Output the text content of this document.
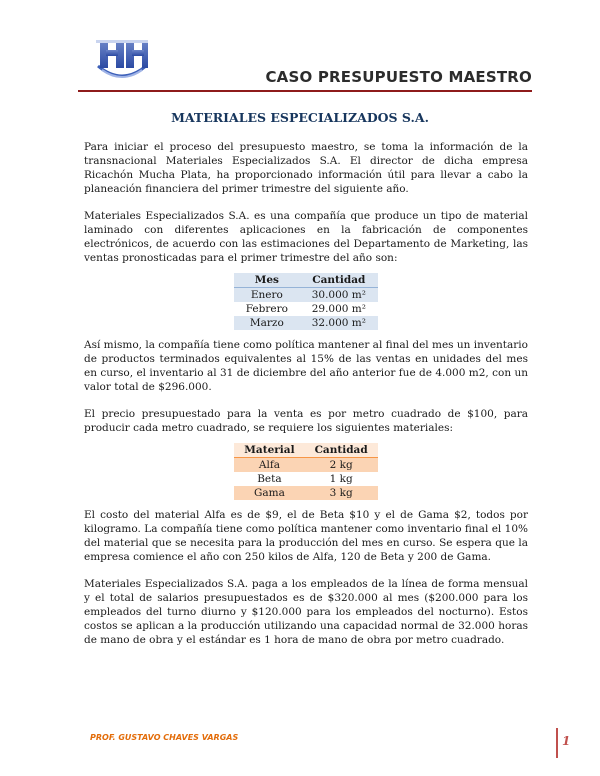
CASO PRESUPUESTO MAESTRO
MATERIALES ESPECIALIZADOS S.A.

Para iniciar el proceso del presupuesto maestro, se toma la información de la transnacional Materiales Especializados S.A. El director de dicha empresa Ricachón Mucha Plata, ha proporcionado información útil para llevar a cabo la planeación financiera del primer trimestre del siguiente año.

Materiales Especializados S.A. es una compañía que produce un tipo de material laminado con diferentes aplicaciones en la fabricación de componentes electrónicos, de acuerdo con las estimaciones del Departamento de Marketing, las ventas pronosticadas para el primer trimestre del año son:

Mes	Cantidad
Enero	30.000 m²
Febrero	29.000 m²
Marzo	32.000 m²

Así mismo, la compañía tiene como política mantener al final del mes un inventario de productos terminados equivalentes al 15% de las ventas en unidades del mes en curso, el inventario al 31 de diciembre del año anterior fue de 4.000 m2, con un valor total de $296.000.

El precio presupuestado para la venta es por metro cuadrado de $100, para producir cada metro cuadrado, se requiere los siguientes materiales:

Material	Cantidad
Alfa	2 kg
Beta	1 kg
Gama	3 kg

El costo del material Alfa es de $9, el de Beta $10 y el de Gama $2, todos por kilogramo. La compañía tiene como política mantener como inventario final el 10% del material que se necesita para la producción del mes en curso. Se espera que la empresa comience el año con 250 kilos de Alfa, 120 de Beta y 200 de Gama.

Materiales Especializados S.A. paga a los empleados de la línea de forma mensual y el total de salarios presupuestados es de $320.000 al mes ($200.000 para los empleados del turno diurno y $120.000 para los empleados del nocturno). Estos costos se aplican a la producción utilizando una capacidad normal de 32.000 horas de mano de obra y el estándar es 1 hora de mano de obra por metro cuadrado.

PROF. GUSTAVO CHAVES VARGAS	1
